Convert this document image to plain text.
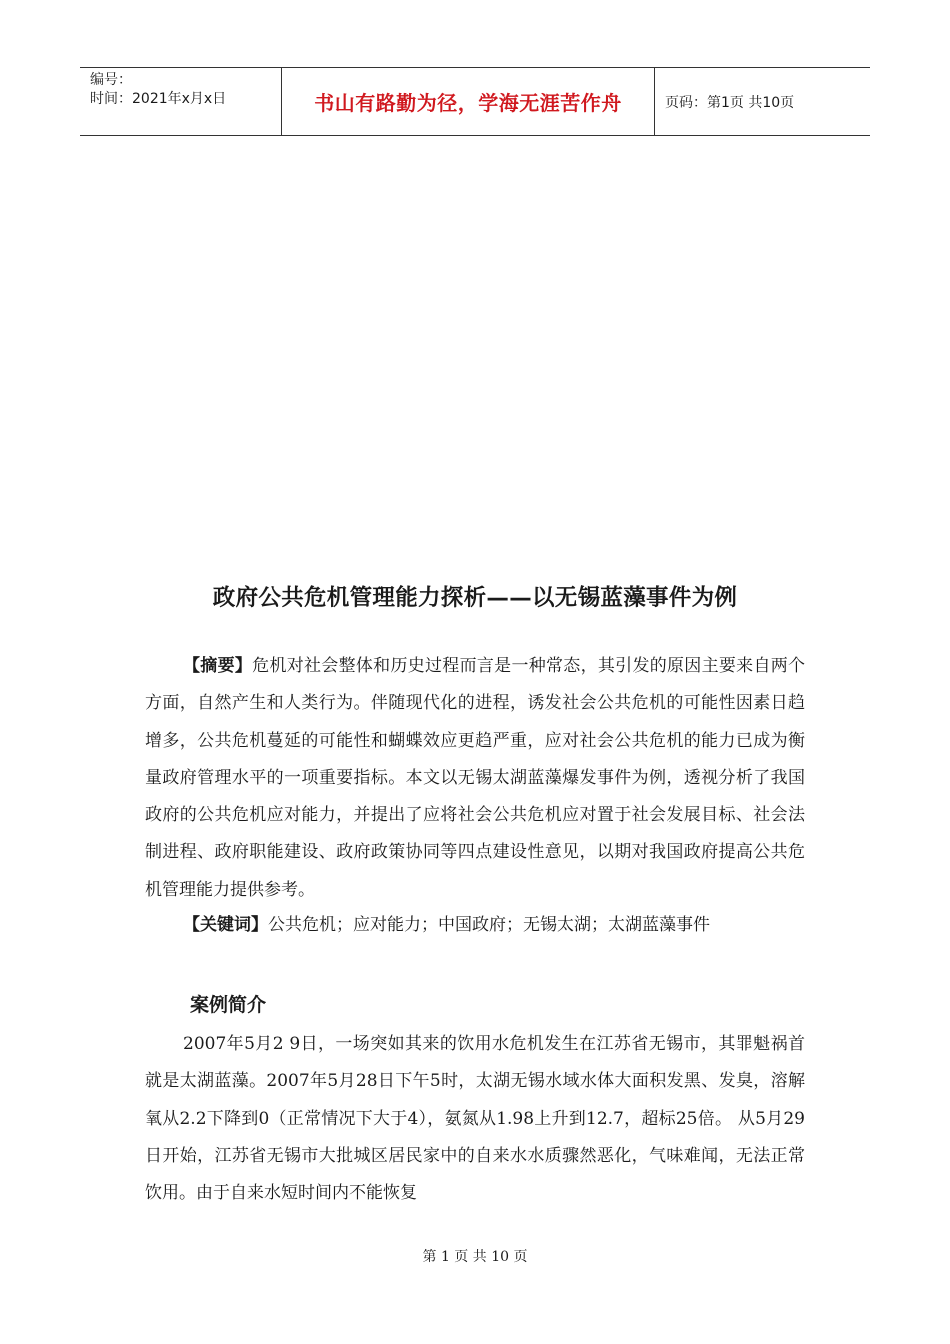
编号：
时间：2021年x月x日	书山有路勤为径，学海无涯苦作舟	页码：第1页 共10页
政府公共危机管理能力探析——以无锡蓝藻事件为例

【摘要】危机对社会整体和历史过程而言是一种常态，其引发的原因主要来自两个方面，自然产生和人类行为。伴随现代化的进程，诱发社会公共危机的可能性因素日趋增多，公共危机蔓延的可能性和蝴蝶效应更趋严重，应对社会公共危机的能力已成为衡量政府管理水平的一项重要指标。本文以无锡太湖蓝藻爆发事件为例，透视分析了我国政府的公共危机应对能力，并提出了应将社会公共危机应对置于社会发展目标、社会法制进程、政府职能建设、政府政策协同等四点建设性意见，以期对我国政府提高公共危机管理能力提供参考。

【关键词】公共危机；应对能力；中国政府；无锡太湖；太湖蓝藻事件

案例简介

2007年5月2 9日，一场突如其来的饮用水危机发生在江苏省无锡市，其罪魁祸首就是太湖蓝藻。2007年5月28日下午5时，太湖无锡水域水体大面积发黑、发臭，溶解氧从2.2下降到0（正常情况下大于4），氨氮从1.98上升到12.7，超标25倍。 从5月29日开始，江苏省无锡市大批城区居民家中的自来水水质骤然恶化，气味难闻，无法正常饮用。由于自来水短时间内不能恢复

第 1 页 共 10 页
